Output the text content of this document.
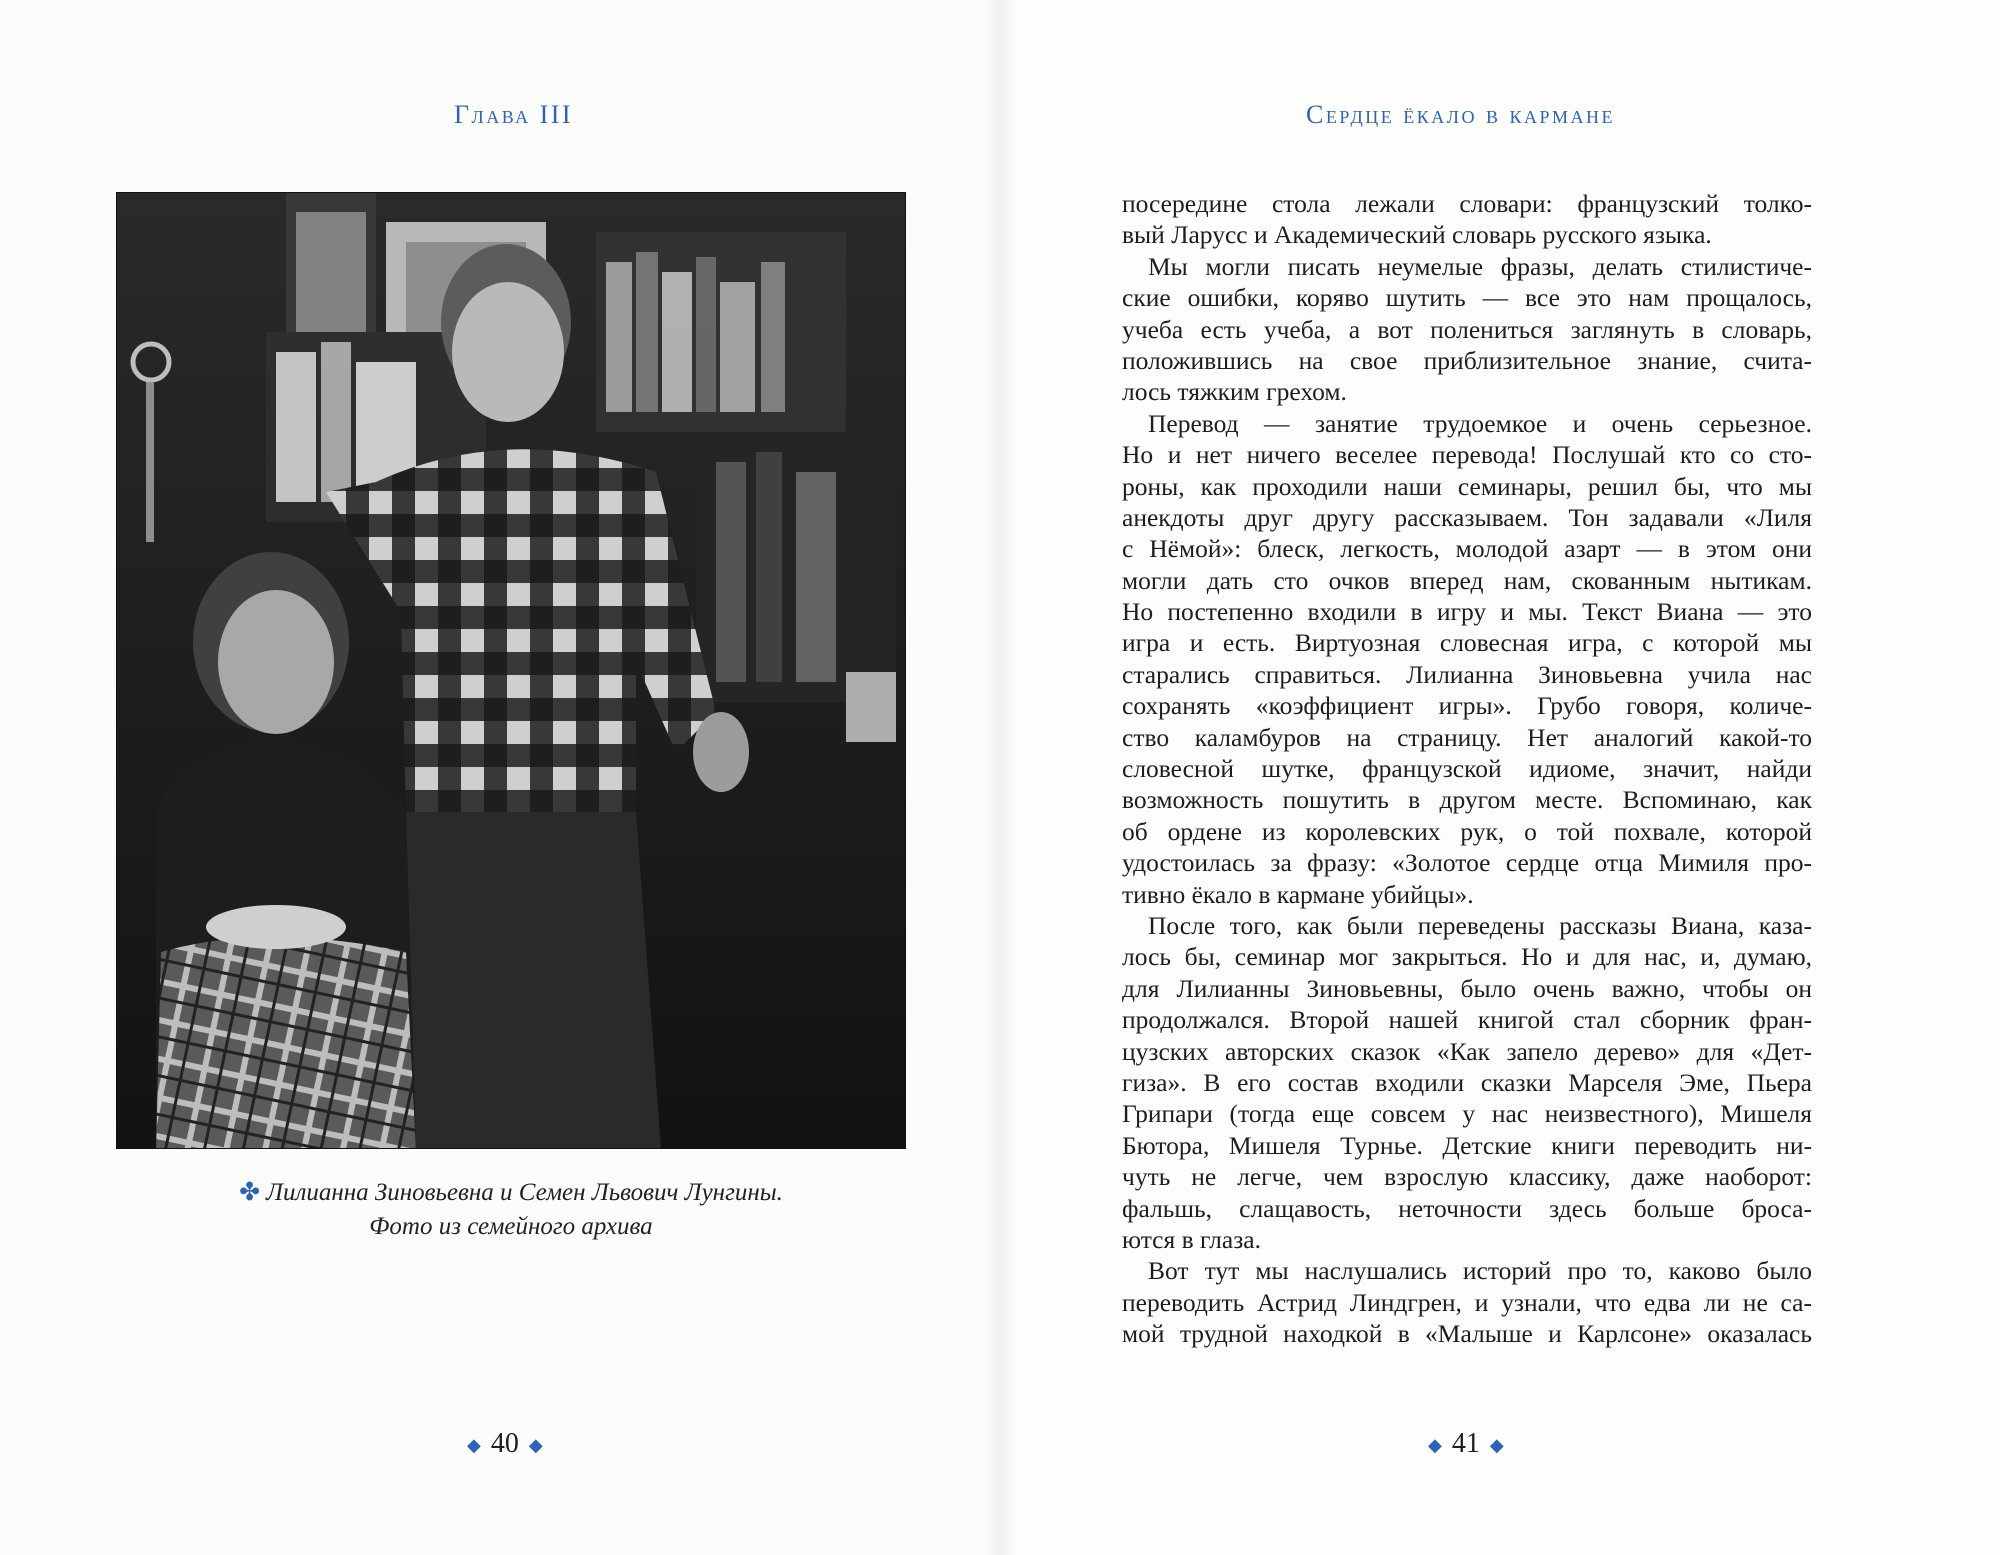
Глава III
✤ Лилианна Зиновьевна и Семен Львович Лунгины.
Фото из семейного архива
◆ 40 ◆
Сердце ёкало в кармане
посередине стола лежали словари: французский толко-
вый Ларусс и Академический словарь русского языка.
Мы могли писать неумелые фразы, делать стилистиче-
ские ошибки, коряво шутить — все это нам прощалось,
учеба есть учеба, а вот полениться заглянуть в словарь,
положившись на свое приблизительное знание, счита-
лось тяжким грехом.
Перевод — занятие трудоемкое и очень серьезное.
Но и нет ничего веселее перевода! Послушай кто со сто-
роны, как проходили наши семинары, решил бы, что мы
анекдоты друг другу рассказываем. Тон задавали «Лиля
с Нёмой»: блеск, легкость, молодой азарт — в этом они
могли дать сто очков вперед нам, скованным нытикам.
Но постепенно входили в игру и мы. Текст Виана — это
игра и есть. Виртуозная словесная игра, с которой мы
старались справиться. Лилианна Зиновьевна учила нас
сохранять «коэффициент игры». Грубо говоря, количе-
ство каламбуров на страницу. Нет аналогий какой-то
словесной шутке, французской идиоме, значит, найди
возможность пошутить в другом месте. Вспоминаю, как
об ордене из королевских рук, о той похвале, которой
удостоилась за фразу: «Золотое сердце отца Мимиля про-
тивно ёкало в кармане убийцы».
После того, как были переведены рассказы Виана, каза-
лось бы, семинар мог закрыться. Но и для нас, и, думаю,
для Лилианны Зиновьевны, было очень важно, чтобы он
продолжался. Второй нашей книгой стал сборник фран-
цузских авторских сказок «Как запело дерево» для «Дет-
гиза». В его состав входили сказки Марселя Эме, Пьера
Грипари (тогда еще совсем у нас неизвестного), Мишеля
Бютора, Мишеля Турнье. Детские книги переводить ни-
чуть не легче, чем взрослую классику, даже наоборот:
фальшь, слащавость, неточности здесь больше броса-
ются в глаза.
Вот тут мы наслушались историй про то, каково было
переводить Астрид Линдгрен, и узнали, что едва ли не са-
мой трудной находкой в «Малыше и Карлсоне» оказалась
◆ 41 ◆
